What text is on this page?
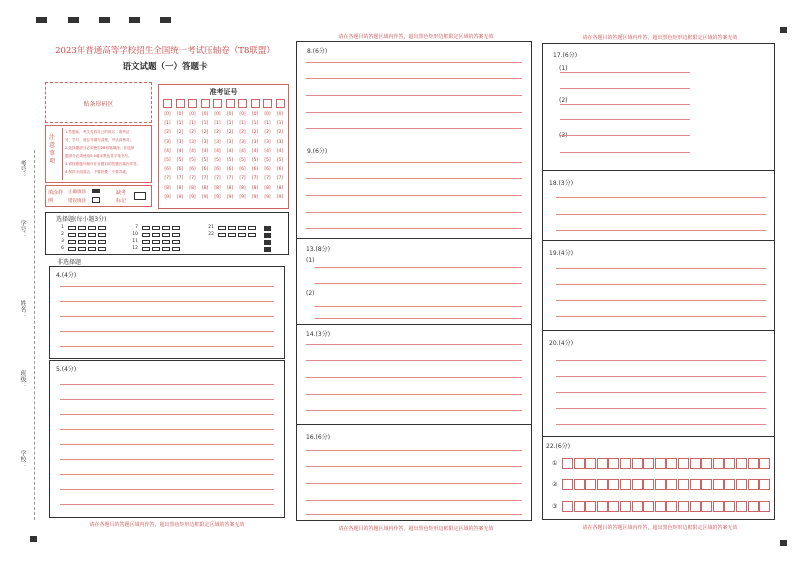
考号：
学号：
姓名：
班级：
学校：
2023年普通高等学校招生全国统一考试压轴卷（T8联盟）
语文试题（一）答题卡
贴条形码区
准考证号
[0]
[1]
[2]
[3]
[4]
[5]
[6]
[7]
[8]
[9]
[0]
[1]
[2]
[3]
[4]
[5]
[6]
[7]
[8]
[9]
[0]
[1]
[2]
[3]
[4]
[5]
[6]
[7]
[8]
[9]
[0]
[1]
[2]
[3]
[4]
[5]
[6]
[7]
[8]
[9]
[0]
[1]
[2]
[3]
[4]
[5]
[6]
[7]
[8]
[9]
[0]
[1]
[2]
[3]
[4]
[5]
[6]
[7]
[8]
[9]
[0]
[1]
[2]
[3]
[4]
[5]
[6]
[7]
[8]
[9]
[0]
[1]
[2]
[3]
[4]
[5]
[6]
[7]
[8]
[9]
[0]
[1]
[2]
[3]
[4]
[5]
[6]
[7]
[8]
[9]
[0]
[1]
[2]
[3]
[4]
[5]
[6]
[7]
[8]
[9]
注意事项
1.答题前，考生先将自己的姓名、准考证
号、学号、座位号填写清楚，并认真核对。
2.选择题部分必须使用2B铅笔填涂；非选择
题部分必须使用0.5毫米黑色签字笔书写。
3.请按照题号顺序在各题目的答题区域内作答。
4.保持卡面清洁，不要折叠、不要弄破。
填涂样例
正确填涂
错误填涂
缺考标记
选择题(每小题3分)
1
2
3
6
7
10
11
12
21
22
非选择题
4.(4分)
5.(4分)
请在各题目的答题区域内作答，超出黑色矩形边框限定区域的答案无效
请在各题目的答题区域内作答，超出黑色矩形边框限定区域的答案无效
8.(6分)
9.(6分)
13.(8分)
(1)
(2)
14.(3分)
16.(6分)
请在各题目的答题区域内作答，超出黑色矩形边框限定区域的答案无效
请在各题目的答题区域内作答，超出黑色矩形边框限定区域的答案无效
17.(6分)
(1)
(2)
18.(3分)
19.(4分)
20.(4分)
22.(6分)
①
②
③
请在各题目的答题区域内作答，超出黑色矩形边框限定区域的答案无效
